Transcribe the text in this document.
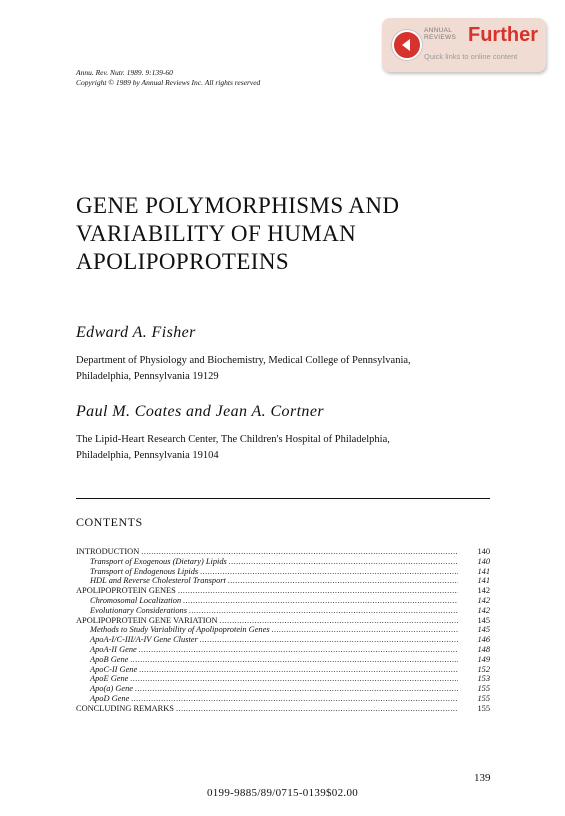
ANNUAL
REVIEWS Further
Quick links to online content
Annu. Rev. Nutr. 1989. 9:139-60
Copyright © 1989 by Annual Reviews Inc. All rights reserved
GENE POLYMORPHISMS AND
VARIABILITY OF HUMAN
APOLIPOPROTEINS
Edward A. Fisher
Department of Physiology and Biochemistry, Medical College of Pennsylvania,
Philadelphia, Pennsylvania 19129
Paul M. Coates and Jean A. Cortner
The Lipid-Heart Research Center, The Children's Hospital of Philadelphia,
Philadelphia, Pennsylvania 19104
CONTENTS
INTRODUCTION .....	140
Transport of Exogenous (Dietary) Lipids .....	140
Transport of Endogenous Lipids .....	141
HDL and Reverse Cholesterol Transport .....	141
APOLIPOPROTEIN GENES .....	142
Chromosomal Localization .....	142
Evolutionary Considerations .....	142
APOLIPOPROTEIN GENE VARIATION .....	145
Methods to Study Variability of Apolipoprotein Genes .....	145
ApoA-I/C-III/A-IV Gene Cluster .....	146
ApoA-II Gene .....	148
ApoB Gene .....	149
ApoC-II Gene .....	152
ApoE Gene .....	153
Apo(a) Gene .....	155
ApoD Gene .....	155
CONCLUDING REMARKS .....	155
139
0199-9885/89/0715-0139$02.00
